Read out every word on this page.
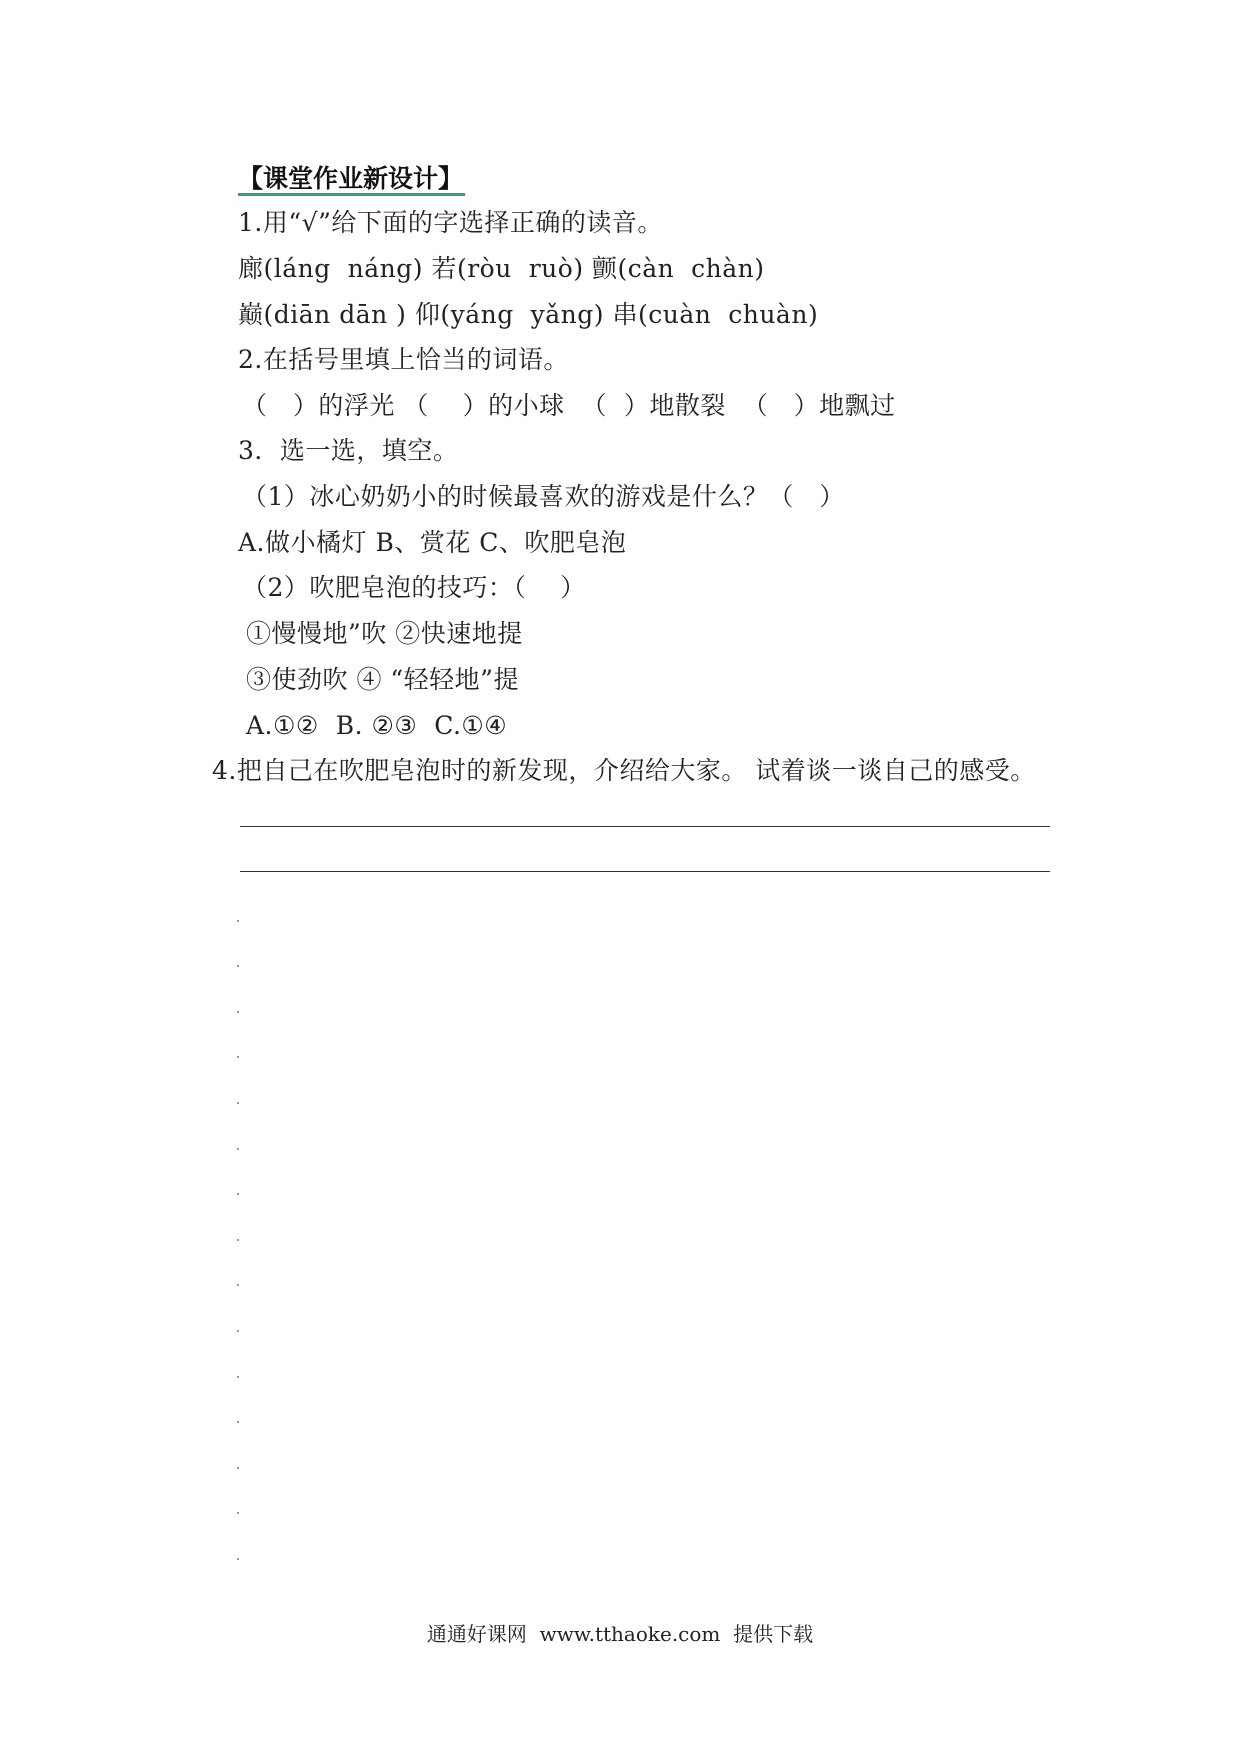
【课堂作业新设计】
1.用“√”给下面的字选择正确的读音。
廊(láng  náng) 若(ròu  ruò) 颤(càn  chàn)
巅(diān dān ) 仰(yáng  yǎng) 串(cuàn  chuàn)
2.在括号里填上恰当的词语。
（   ）的浮光 （    ）的小球  （  ）地散裂  （   ）地飘过
3．选一选，填空。
（1）冰心奶奶小的时候最喜欢的游戏是什么？（   ）
A.做小橘灯 B、赏花 C、吹肥皂泡
（2）吹肥皂泡的技巧：（    ）
①慢慢地”吹 ②快速地提
③使劲吹 ④ “轻轻地”提
A.①②  B. ②③  C.①④
4.把自己在吹肥皂泡时的新发现，介绍给大家。 试着谈一谈自己的感受。
通通好课网  www.tthaoke.com  提供下载
